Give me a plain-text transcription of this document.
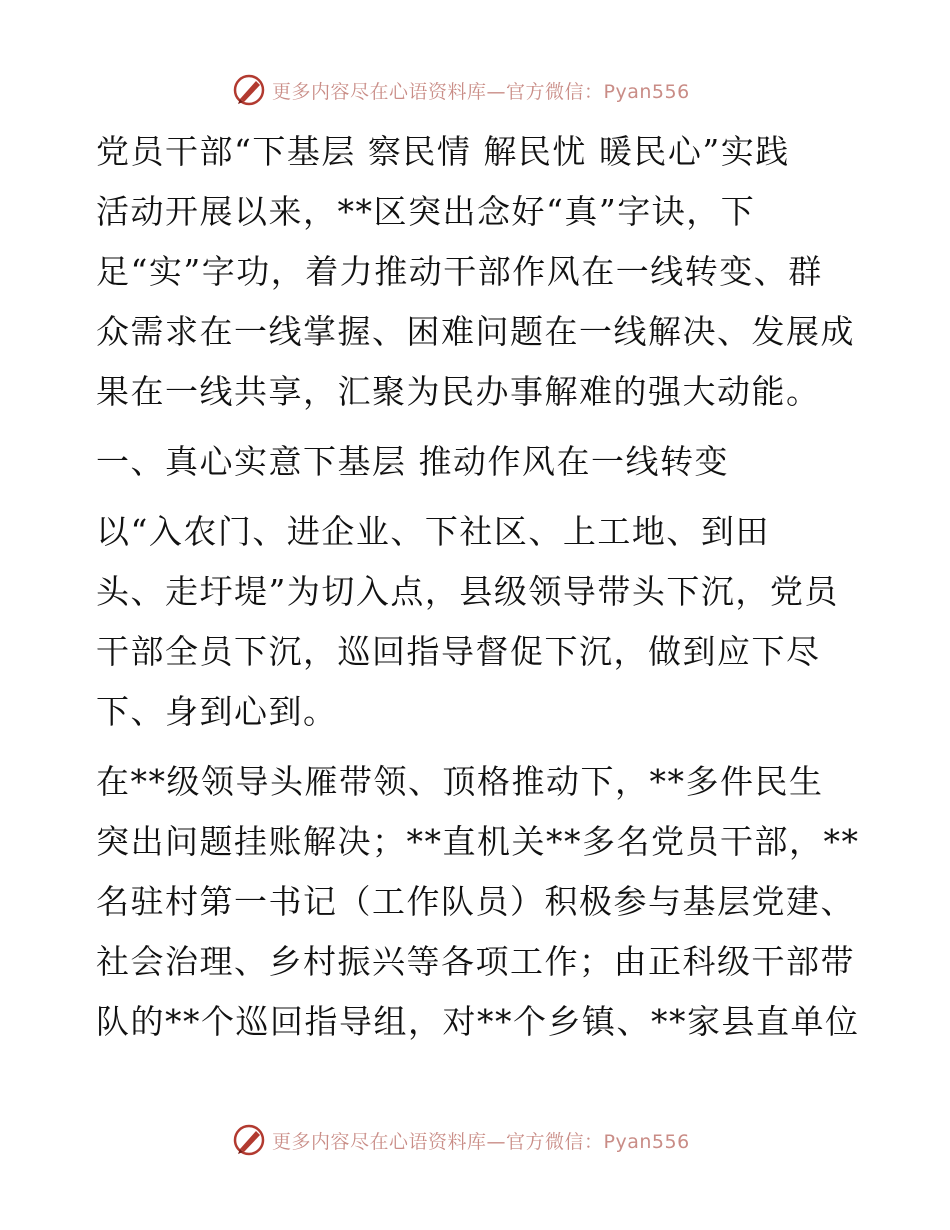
更多内容尽在心语资料库—官方微信：Pyan556

党员干部“下基层 察民情 解民忧 暖民心”实践
活动开展以来，**区突出念好“真”字诀，下
足“实”字功，着力推动干部作风在一线转变、群
众需求在一线掌握、困难问题在一线解决、发展成
果在一线共享，汇聚为民办事解难的强大动能。

一、真心实意下基层 推动作风在一线转变

以“入农门、进企业、下社区、上工地、到田
头、走圩堤”为切入点，县级领导带头下沉，党员
干部全员下沉，巡回指导督促下沉，做到应下尽
下、身到心到。

在**级领导头雁带领、顶格推动下，**多件民生
突出问题挂账解决；**直机关**多名党员干部，**
名驻村第一书记（工作队员）积极参与基层党建、
社会治理、乡村振兴等各项工作；由正科级干部带
队的**个巡回指导组，对**个乡镇、**家县直单位

更多内容尽在心语资料库—官方微信：Pyan556
